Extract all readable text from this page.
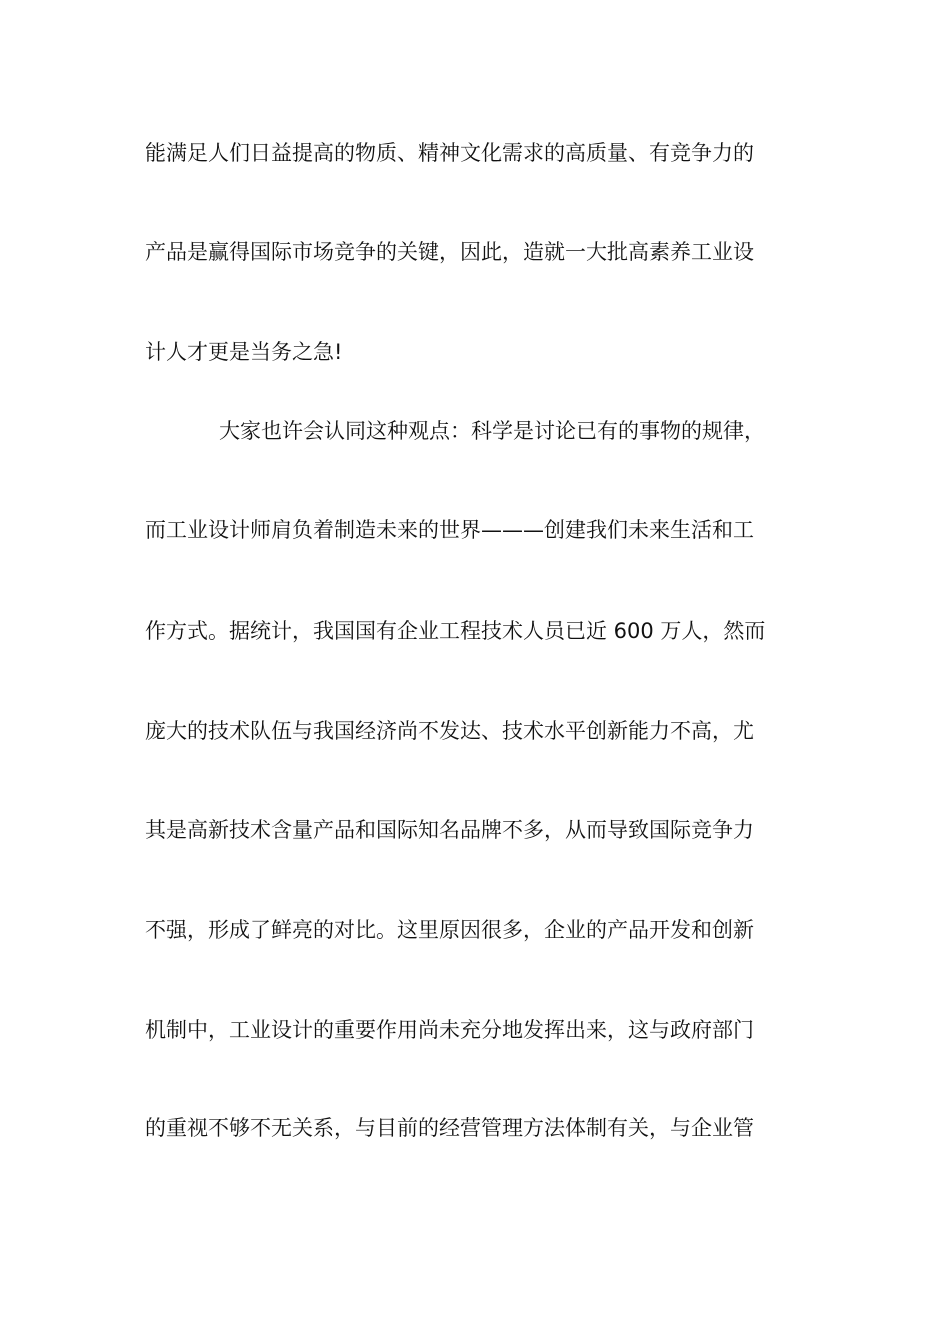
能满足人们日益提高的物质、精神文化需求的高质量、有竞争力的
产品是赢得国际市场竞争的关键，因此，造就一大批高素养工业设
计人才更是当务之急!
大家也许会认同这种观点：科学是讨论已有的事物的规律，
而工业设计师肩负着制造未来的世界———创建我们未来生活和工
作方式。据统计，我国国有企业工程技术人员已近 600 万人，然而
庞大的技术队伍与我国经济尚不发达、技术水平创新能力不高，尤
其是高新技术含量产品和国际知名品牌不多，从而导致国际竞争力
不强，形成了鲜亮的对比。这里原因很多，企业的产品开发和创新
机制中，工业设计的重要作用尚未充分地发挥出来，这与政府部门
的重视不够不无关系，与目前的经营管理方法体制有关，与企业管
